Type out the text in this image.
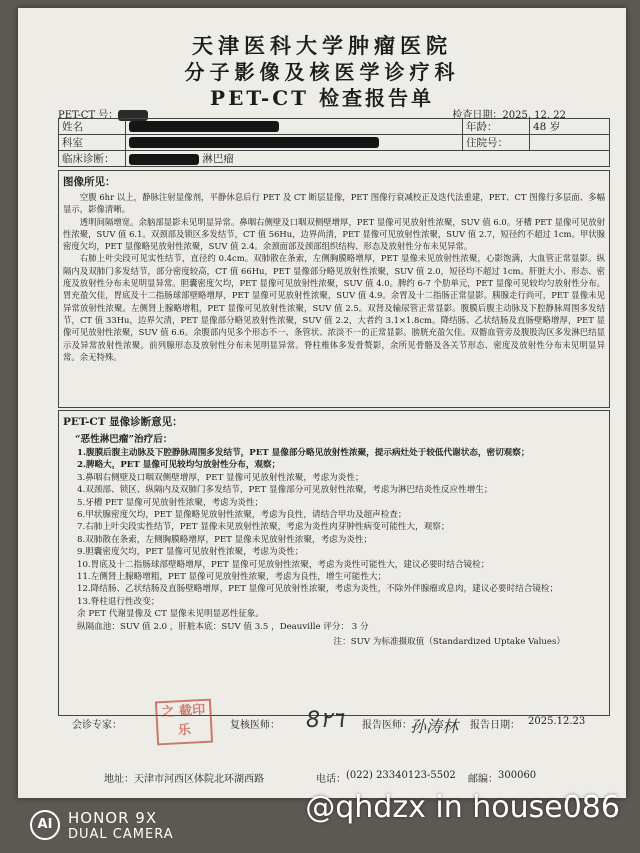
天津医科大学肿瘤医院
分子影像及核医学诊疗科
PET-CT 检查报告单
PET-CT 号：	检查日期：2025. 12. 22
姓名		年龄：	48 岁
科室		住院号：	
临床诊断：	淋巴瘤		
图像所见：

空腹 6hr 以上，静脉注射显像剂，平静休息后行 PET 及 CT 断层显像，PET 图像行衰减校正及迭代法重建，PET、CT 图像行多层面、多幅显示，影像清晰。

透明间隔增宽。余脑部显影未见明显异常。鼻咽右侧壁及口咽双侧壁增厚，PET 显像可见放射性浓聚，SUV 值 6.0。牙槽 PET 显像可见放射性浓聚，SUV 值 6.1。双颈部及锁区多发结节，CT 值 56Hu，边界尚清，PET 显像可见放射性浓聚，SUV 值 2.7，短径约不超过 1cm。甲状腺密度欠均，PET 显像略见放射性浓聚，SUV 值 2.4。余颈面部及颈部组织结构、形态及放射性分布未见异常。

右肺上叶尖段可见实性结节，直径约 0.4cm。双肺散在条索，左侧胸膜略增厚，PET 显像未见放射性浓聚，心影饱满，大血管正常显影。纵隔内及双肺门多发结节，部分密度较高，CT 值 66Hu，PET 显像部分略见放射性浓聚，SUV 值 2.0，短径均不超过 1cm。肝脏大小、形态、密度及放射性分布未见明显异常。胆囊密度欠均，PET 显像可见放射性浓聚，SUV 值 4.0。脾约 6-7 个肋单元，PET 显像可见较均匀放射性分布。胃充盈欠佳，胃底及十二指肠球部壁略增厚，PET 显像可见放射性浓聚，SUV 值 4.9。余胃及十二指肠正常显影。胰腺走行尚可，PET 显像未见异常放射性浓聚。左侧肾上腺略增粗，PET 显像可见放射性浓聚，SUV 值 2.5。双肾及输尿管正常显影。腹膜后腹主动脉及下腔静脉周围多发结节，CT 值 33Hu，边界欠清，PET 显像部分略见放射性浓聚，SUV 值 2.2，大者约 3.1×1.8cm。降结肠、乙状结肠及直肠壁略增厚，PET 显像可见放射性浓聚，SUV 值 6.6。余腹部内见多个形态不一、条管状、浓淡不一的正常显影。膀胱充盈欠佳。双髂血管旁及腹股沟区多发淋巴结显示及异常放射性浓聚。前列腺形态及放射性分布未见明显异常。脊柱椎体多发骨赘影，余所见骨骼及各关节形态、密度及放射性分布未见明显异常。余无特殊。

PET-CT 显像诊断意见：
“恶性淋巴瘤”治疗后：

1.腹膜后腹主动脉及下腔静脉周围多发结节，PET 显像部分略见放射性浓聚，提示病灶处于较低代谢状态，密切观察；

2.脾略大，PET 显像可见较均匀放射性分布，观察；

3.鼻咽右侧壁及口咽双侧壁增厚，PET 显像可见放射性浓聚，考虑为炎性；

4.双颈部、锁区、纵隔内及双肺门多发结节，PET 显像部分可见放射性浓聚，考虑为淋巴结炎性反应性增生；

5.牙槽 PET 显像可见放射性浓聚，考虑为炎性；

6.甲状腺密度欠均，PET 显像略见放射性浓聚，考虑为良性，请结合甲功及超声检查；

7.右肺上叶尖段实性结节，PET 显像未见放射性浓聚，考虑为炎性肉芽肿性病变可能性大，观察；

8.双肺散在条索，左侧胸膜略增厚，PET 显像未见放射性浓聚，考虑为炎性；

9.胆囊密度欠均，PET 显像可见放射性浓聚，考虑为炎性；

10.胃底及十二指肠球部壁略增厚，PET 显像可见放射性浓聚，考虑为炎性可能性大，建议必要时结合镜检；

11.左侧肾上腺略增粗，PET 显像可见放射性浓聚，考虑为良性，增生可能性大；

12.降结肠、乙状结肠及直肠壁略增厚，PET 显像可见放射性浓聚，考虑为炎性，不除外伴腺瘤或息肉，建议必要时结合镜检；

13.脊柱退行性改变；

余 PET 代谢显像及 CT 显像未见明显恶性征象。

纵隔血池：SUV 值 2.0 ，肝脏本底：SUV 值 3.5 ，Deauville 评分： 3 分

注：SUV 为标准摄取值（Standardized Uptake Values）

会诊专家：
之 截印 乐	复核医师： 8٢٦ 报告医师：
孙涛林 报告日期： 2025.12.23
地址： 天津市河西区体院北环湖西路	电话： (022) 23340123-5502 邮编： 300060
AI	HONOR 9X
DUAL CAMERA
@qhdzx in house086
